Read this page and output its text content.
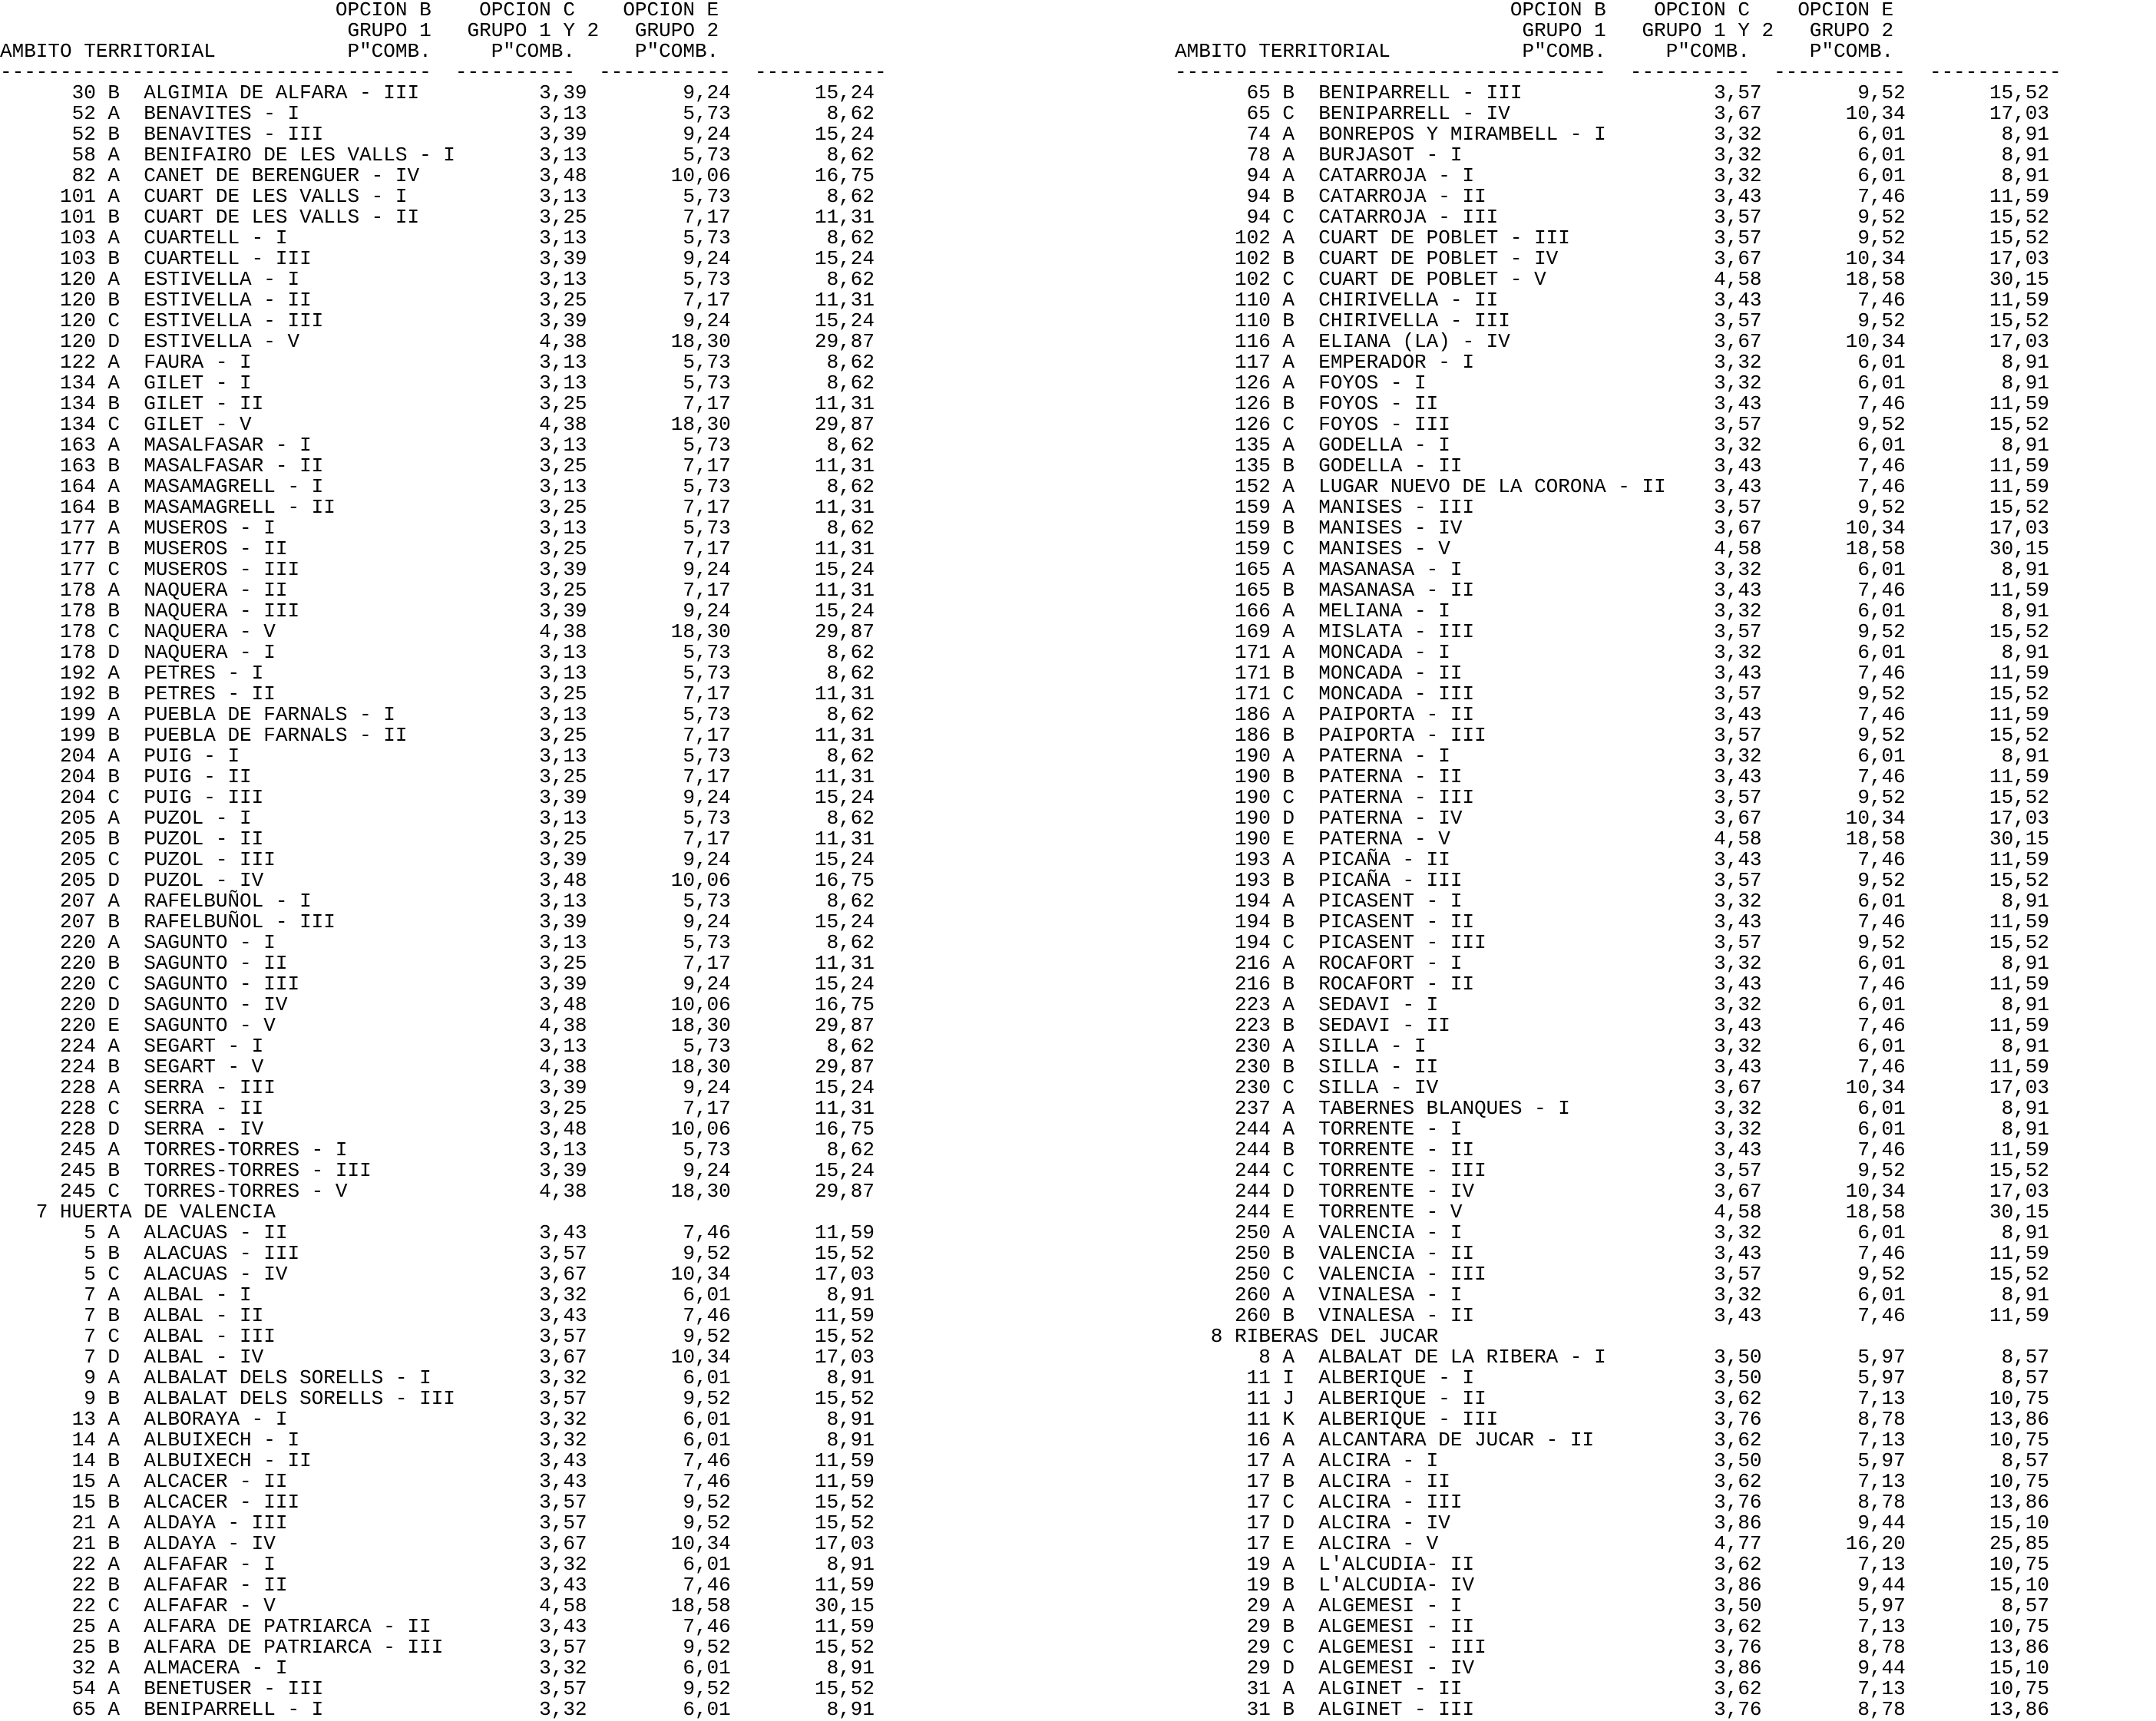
OPCION B    OPCION C    OPCION E
GRUPO 1   GRUPO 1 Y 2   GRUPO 2
AMBITO TERRITORIAL           P"COMB.     P"COMB.     P"COMB.
------------------------------------  ----------  -----------  -----------
30 B  ALGIMIA DE ALFARA - III          3,39        9,24       15,24
52 A  BENAVITES - I                    3,13        5,73        8,62
52 B  BENAVITES - III                  3,39        9,24       15,24
58 A  BENIFAIRO DE LES VALLS - I       3,13        5,73        8,62
82 A  CANET DE BERENGUER - IV          3,48       10,06       16,75
101 A  CUART DE LES VALLS - I           3,13        5,73        8,62
101 B  CUART DE LES VALLS - II          3,25        7,17       11,31
103 A  CUARTELL - I                     3,13        5,73        8,62
103 B  CUARTELL - III                   3,39        9,24       15,24
120 A  ESTIVELLA - I                    3,13        5,73        8,62
120 B  ESTIVELLA - II                   3,25        7,17       11,31
120 C  ESTIVELLA - III                  3,39        9,24       15,24
120 D  ESTIVELLA - V                    4,38       18,30       29,87
122 A  FAURA - I                        3,13        5,73        8,62
134 A  GILET - I                        3,13        5,73        8,62
134 B  GILET - II                       3,25        7,17       11,31
134 C  GILET - V                        4,38       18,30       29,87
163 A  MASALFASAR - I                   3,13        5,73        8,62
163 B  MASALFASAR - II                  3,25        7,17       11,31
164 A  MASAMAGRELL - I                  3,13        5,73        8,62
164 B  MASAMAGRELL - II                 3,25        7,17       11,31
177 A  MUSEROS - I                      3,13        5,73        8,62
177 B  MUSEROS - II                     3,25        7,17       11,31
177 C  MUSEROS - III                    3,39        9,24       15,24
178 A  NAQUERA - II                     3,25        7,17       11,31
178 B  NAQUERA - III                    3,39        9,24       15,24
178 C  NAQUERA - V                      4,38       18,30       29,87
178 D  NAQUERA - I                      3,13        5,73        8,62
192 A  PETRES - I                       3,13        5,73        8,62
192 B  PETRES - II                      3,25        7,17       11,31
199 A  PUEBLA DE FARNALS - I            3,13        5,73        8,62
199 B  PUEBLA DE FARNALS - II           3,25        7,17       11,31
204 A  PUIG - I                         3,13        5,73        8,62
204 B  PUIG - II                        3,25        7,17       11,31
204 C  PUIG - III                       3,39        9,24       15,24
205 A  PUZOL - I                        3,13        5,73        8,62
205 B  PUZOL - II                       3,25        7,17       11,31
205 C  PUZOL - III                      3,39        9,24       15,24
205 D  PUZOL - IV                       3,48       10,06       16,75
207 A  RAFELBUÑOL - I                   3,13        5,73        8,62
207 B  RAFELBUÑOL - III                 3,39        9,24       15,24
220 A  SAGUNTO - I                      3,13        5,73        8,62
220 B  SAGUNTO - II                     3,25        7,17       11,31
220 C  SAGUNTO - III                    3,39        9,24       15,24
220 D  SAGUNTO - IV                     3,48       10,06       16,75
220 E  SAGUNTO - V                      4,38       18,30       29,87
224 A  SEGART - I                       3,13        5,73        8,62
224 B  SEGART - V                       4,38       18,30       29,87
228 A  SERRA - III                      3,39        9,24       15,24
228 C  SERRA - II                       3,25        7,17       11,31
228 D  SERRA - IV                       3,48       10,06       16,75
245 A  TORRES-TORRES - I                3,13        5,73        8,62
245 B  TORRES-TORRES - III              3,39        9,24       15,24
245 C  TORRES-TORRES - V                4,38       18,30       29,87
7 HUERTA DE VALENCIA
5 A  ALACUAS - II                     3,43        7,46       11,59
5 B  ALACUAS - III                    3,57        9,52       15,52
5 C  ALACUAS - IV                     3,67       10,34       17,03
7 A  ALBAL - I                        3,32        6,01        8,91
7 B  ALBAL - II                       3,43        7,46       11,59
7 C  ALBAL - III                      3,57        9,52       15,52
7 D  ALBAL - IV                       3,67       10,34       17,03
9 A  ALBALAT DELS SORELLS - I         3,32        6,01        8,91
9 B  ALBALAT DELS SORELLS - III       3,57        9,52       15,52
13 A  ALBORAYA - I                     3,32        6,01        8,91
14 A  ALBUIXECH - I                    3,32        6,01        8,91
14 B  ALBUIXECH - II                   3,43        7,46       11,59
15 A  ALCACER - II                     3,43        7,46       11,59
15 B  ALCACER - III                    3,57        9,52       15,52
21 A  ALDAYA - III                     3,57        9,52       15,52
21 B  ALDAYA - IV                      3,67       10,34       17,03
22 A  ALFAFAR - I                      3,32        6,01        8,91
22 B  ALFAFAR - II                     3,43        7,46       11,59
22 C  ALFAFAR - V                      4,58       18,58       30,15
25 A  ALFARA DE PATRIARCA - II         3,43        7,46       11,59
25 B  ALFARA DE PATRIARCA - III        3,57        9,52       15,52
32 A  ALMACERA - I                     3,32        6,01        8,91
54 A  BENETUSER - III                  3,57        9,52       15,52
65 A  BENIPARRELL - I                  3,32        6,01        8,91
OPCION B    OPCION C    OPCION E
GRUPO 1   GRUPO 1 Y 2   GRUPO 2
AMBITO TERRITORIAL           P"COMB.     P"COMB.     P"COMB.
------------------------------------  ----------  -----------  -----------
65 B  BENIPARRELL - III                3,57        9,52       15,52
65 C  BENIPARRELL - IV                 3,67       10,34       17,03
74 A  BONREPOS Y MIRAMBELL - I         3,32        6,01        8,91
78 A  BURJASOT - I                     3,32        6,01        8,91
94 A  CATARROJA - I                    3,32        6,01        8,91
94 B  CATARROJA - II                   3,43        7,46       11,59
94 C  CATARROJA - III                  3,57        9,52       15,52
102 A  CUART DE POBLET - III            3,57        9,52       15,52
102 B  CUART DE POBLET - IV             3,67       10,34       17,03
102 C  CUART DE POBLET - V              4,58       18,58       30,15
110 A  CHIRIVELLA - II                  3,43        7,46       11,59
110 B  CHIRIVELLA - III                 3,57        9,52       15,52
116 A  ELIANA (LA) - IV                 3,67       10,34       17,03
117 A  EMPERADOR - I                    3,32        6,01        8,91
126 A  FOYOS - I                        3,32        6,01        8,91
126 B  FOYOS - II                       3,43        7,46       11,59
126 C  FOYOS - III                      3,57        9,52       15,52
135 A  GODELLA - I                      3,32        6,01        8,91
135 B  GODELLA - II                     3,43        7,46       11,59
152 A  LUGAR NUEVO DE LA CORONA - II    3,43        7,46       11,59
159 A  MANISES - III                    3,57        9,52       15,52
159 B  MANISES - IV                     3,67       10,34       17,03
159 C  MANISES - V                      4,58       18,58       30,15
165 A  MASANASA - I                     3,32        6,01        8,91
165 B  MASANASA - II                    3,43        7,46       11,59
166 A  MELIANA - I                      3,32        6,01        8,91
169 A  MISLATA - III                    3,57        9,52       15,52
171 A  MONCADA - I                      3,32        6,01        8,91
171 B  MONCADA - II                     3,43        7,46       11,59
171 C  MONCADA - III                    3,57        9,52       15,52
186 A  PAIPORTA - II                    3,43        7,46       11,59
186 B  PAIPORTA - III                   3,57        9,52       15,52
190 A  PATERNA - I                      3,32        6,01        8,91
190 B  PATERNA - II                     3,43        7,46       11,59
190 C  PATERNA - III                    3,57        9,52       15,52
190 D  PATERNA - IV                     3,67       10,34       17,03
190 E  PATERNA - V                      4,58       18,58       30,15
193 A  PICAÑA - II                      3,43        7,46       11,59
193 B  PICAÑA - III                     3,57        9,52       15,52
194 A  PICASENT - I                     3,32        6,01        8,91
194 B  PICASENT - II                    3,43        7,46       11,59
194 C  PICASENT - III                   3,57        9,52       15,52
216 A  ROCAFORT - I                     3,32        6,01        8,91
216 B  ROCAFORT - II                    3,43        7,46       11,59
223 A  SEDAVI - I                       3,32        6,01        8,91
223 B  SEDAVI - II                      3,43        7,46       11,59
230 A  SILLA - I                        3,32        6,01        8,91
230 B  SILLA - II                       3,43        7,46       11,59
230 C  SILLA - IV                       3,67       10,34       17,03
237 A  TABERNES BLANQUES - I            3,32        6,01        8,91
244 A  TORRENTE - I                     3,32        6,01        8,91
244 B  TORRENTE - II                    3,43        7,46       11,59
244 C  TORRENTE - III                   3,57        9,52       15,52
244 D  TORRENTE - IV                    3,67       10,34       17,03
244 E  TORRENTE - V                     4,58       18,58       30,15
250 A  VALENCIA - I                     3,32        6,01        8,91
250 B  VALENCIA - II                    3,43        7,46       11,59
250 C  VALENCIA - III                   3,57        9,52       15,52
260 A  VINALESA - I                     3,32        6,01        8,91
260 B  VINALESA - II                    3,43        7,46       11,59
8 RIBERAS DEL JUCAR
8 A  ALBALAT DE LA RIBERA - I         3,50        5,97        8,57
11 I  ALBERIQUE - I                    3,50        5,97        8,57
11 J  ALBERIQUE - II                   3,62        7,13       10,75
11 K  ALBERIQUE - III                  3,76        8,78       13,86
16 A  ALCANTARA DE JUCAR - II          3,62        7,13       10,75
17 A  ALCIRA - I                       3,50        5,97        8,57
17 B  ALCIRA - II                      3,62        7,13       10,75
17 C  ALCIRA - III                     3,76        8,78       13,86
17 D  ALCIRA - IV                      3,86        9,44       15,10
17 E  ALCIRA - V                       4,77       16,20       25,85
19 A  L'ALCUDIA- II                    3,62        7,13       10,75
19 B  L'ALCUDIA- IV                    3,86        9,44       15,10
29 A  ALGEMESI - I                     3,50        5,97        8,57
29 B  ALGEMESI - II                    3,62        7,13       10,75
29 C  ALGEMESI - III                   3,76        8,78       13,86
29 D  ALGEMESI - IV                    3,86        9,44       15,10
31 A  ALGINET - II                     3,62        7,13       10,75
31 B  ALGINET - III                    3,76        8,78       13,86
